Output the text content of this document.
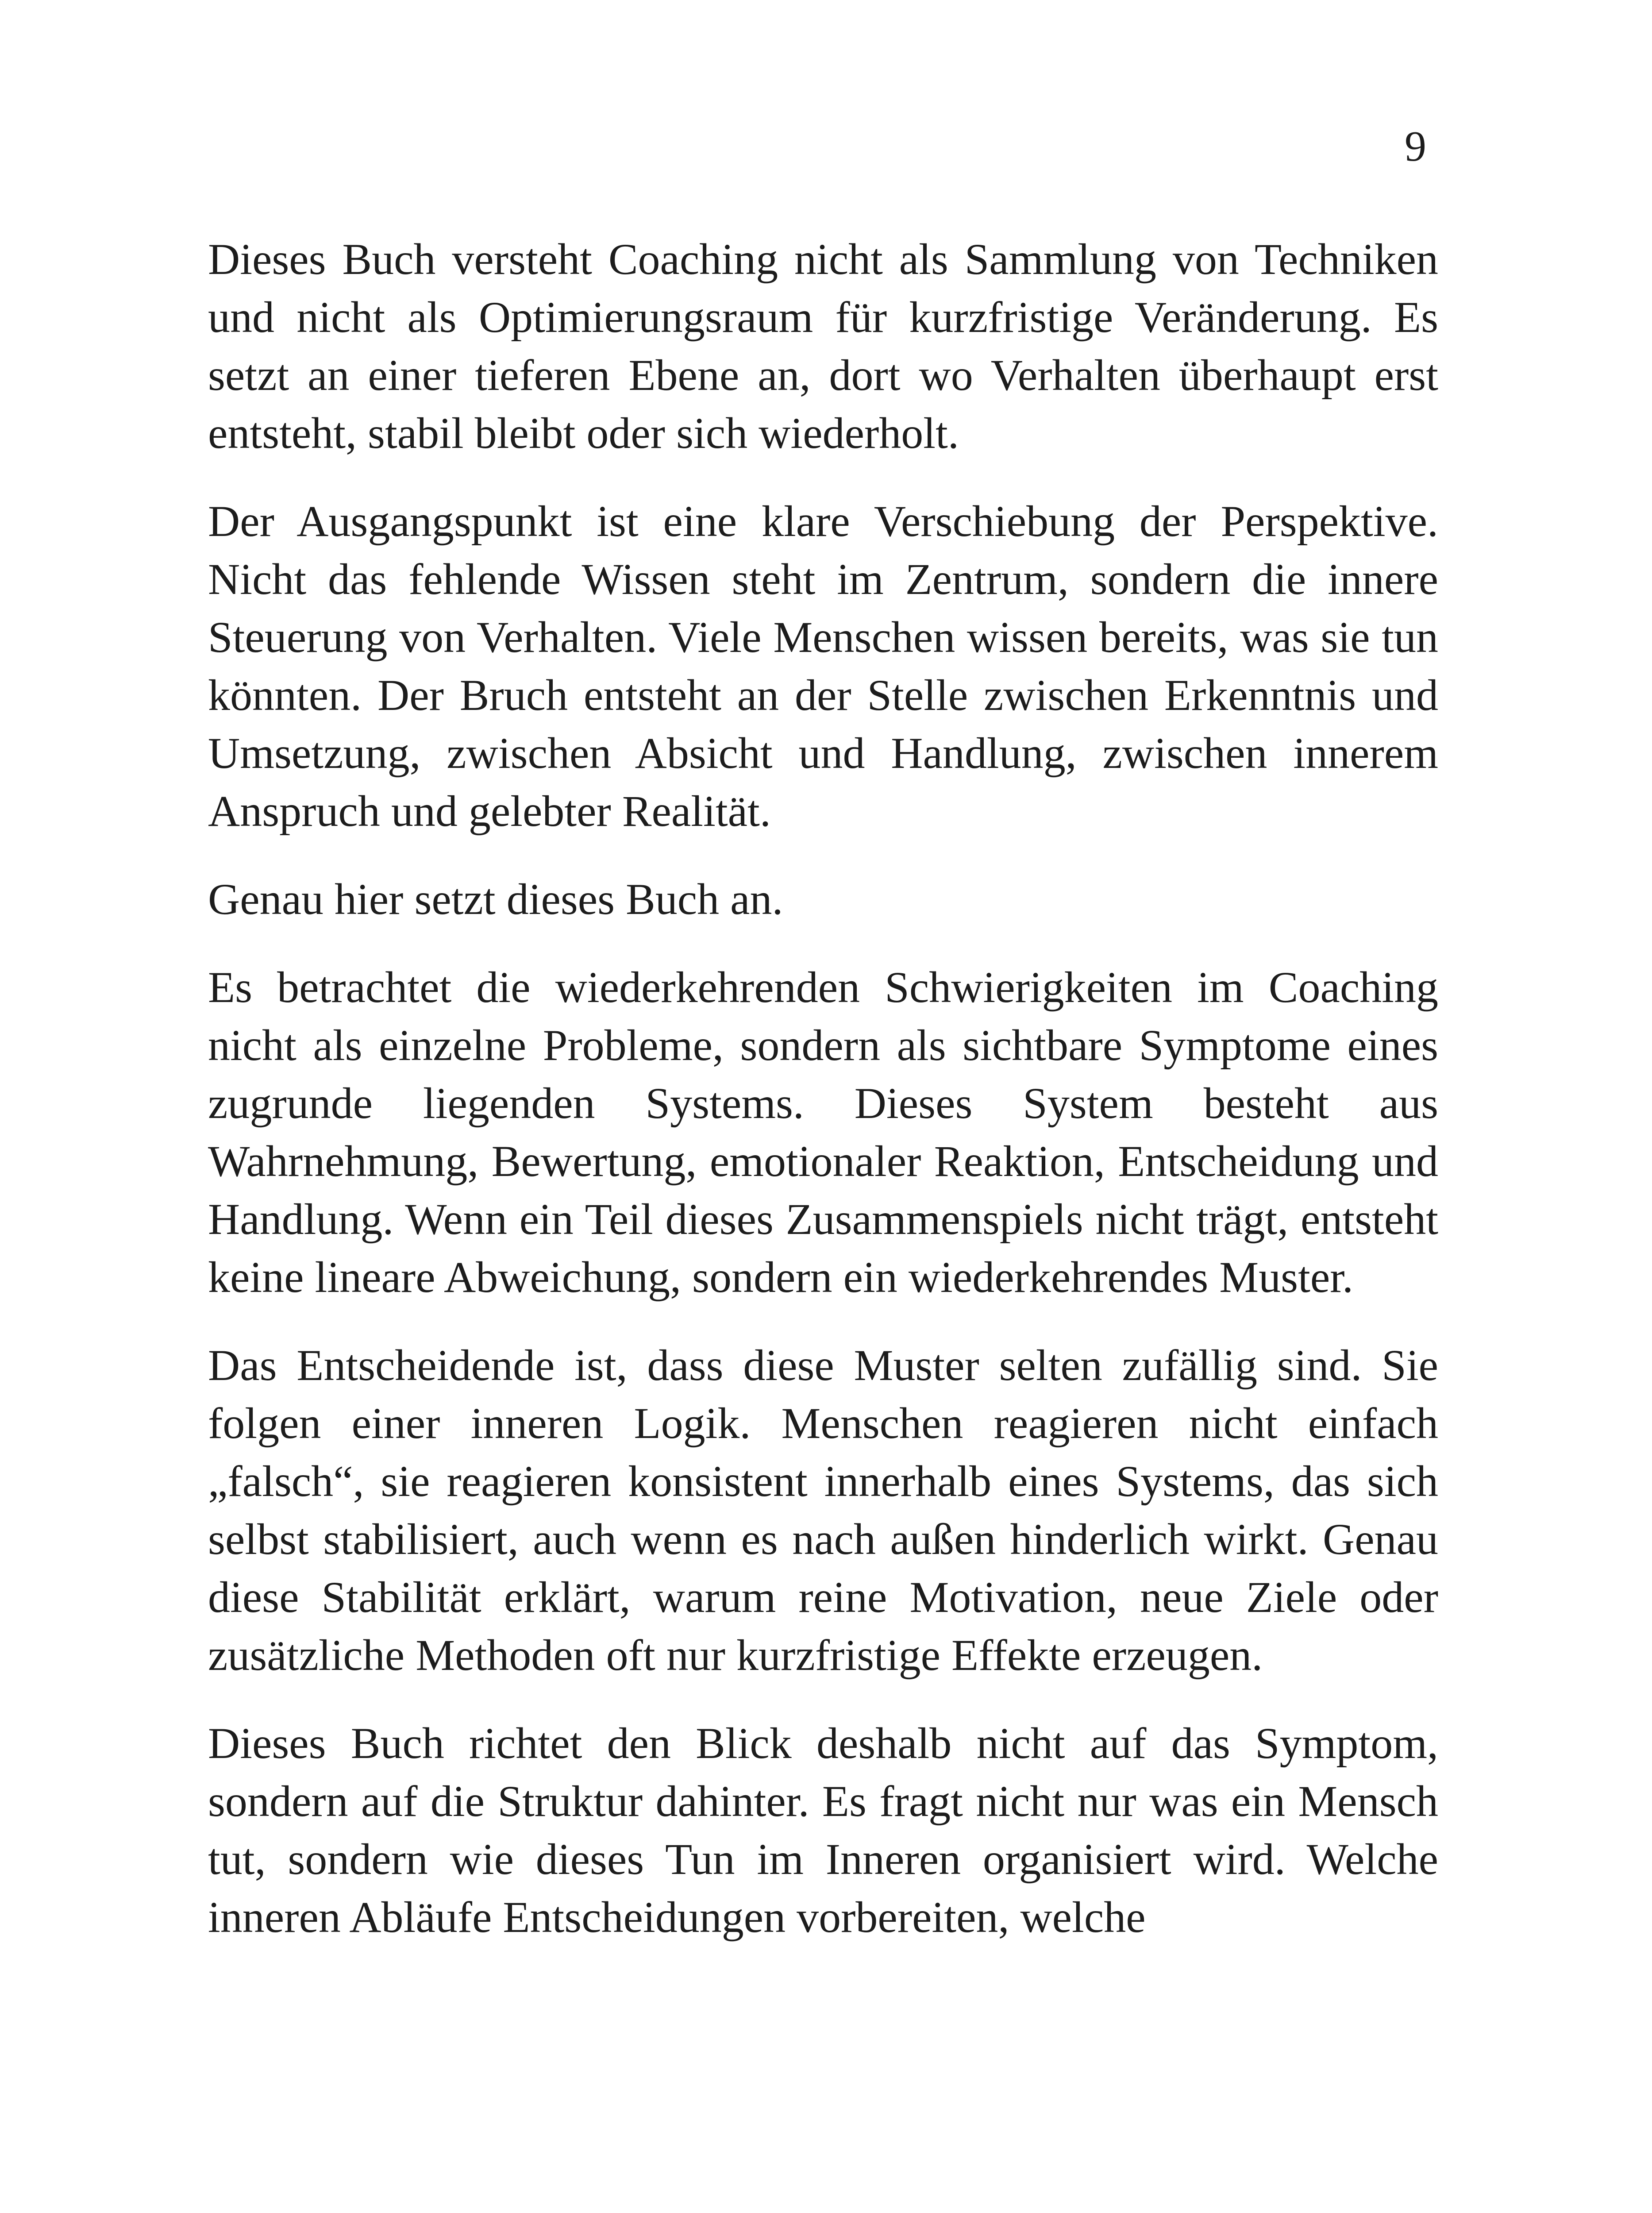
9

Dieses Buch versteht Coaching nicht als Sammlung von Techniken und nicht als Optimierungsraum für kurzfristige Veränderung. Es setzt an einer tieferen Ebene an, dort wo Verhalten überhaupt erst entsteht, stabil bleibt oder sich wiederholt.

Der Ausgangspunkt ist eine klare Verschiebung der Perspektive. Nicht das fehlende Wissen steht im Zentrum, sondern die innere Steuerung von Verhalten. Viele Menschen wissen bereits, was sie tun könnten. Der Bruch entsteht an der Stelle zwischen Erkenntnis und Umsetzung, zwischen Absicht und Handlung, zwischen innerem Anspruch und gelebter Realität.

Genau hier setzt dieses Buch an.

Es betrachtet die wiederkehrenden Schwierigkeiten im Coaching nicht als einzelne Probleme, sondern als sichtbare Symptome eines zugrunde liegenden Systems. Dieses System besteht aus Wahrnehmung, Bewertung, emotionaler Reaktion, Entscheidung und Handlung. Wenn ein Teil dieses Zusammenspiels nicht trägt, entsteht keine lineare Abweichung, sondern ein wiederkehrendes Muster.

Das Entscheidende ist, dass diese Muster selten zufällig sind. Sie folgen einer inneren Logik. Menschen reagieren nicht einfach „falsch“, sie reagieren konsistent innerhalb eines Systems, das sich selbst stabilisiert, auch wenn es nach außen hinderlich wirkt. Genau diese Stabilität erklärt, warum reine Motivation, neue Ziele oder zusätzliche Methoden oft nur kurzfristige Effekte erzeugen.

Dieses Buch richtet den Blick deshalb nicht auf das Symptom, sondern auf die Struktur dahinter. Es fragt nicht nur was ein Mensch tut, sondern wie dieses Tun im Inneren organisiert wird. Welche inneren Abläufe Entscheidungen vorbereiten, welche
